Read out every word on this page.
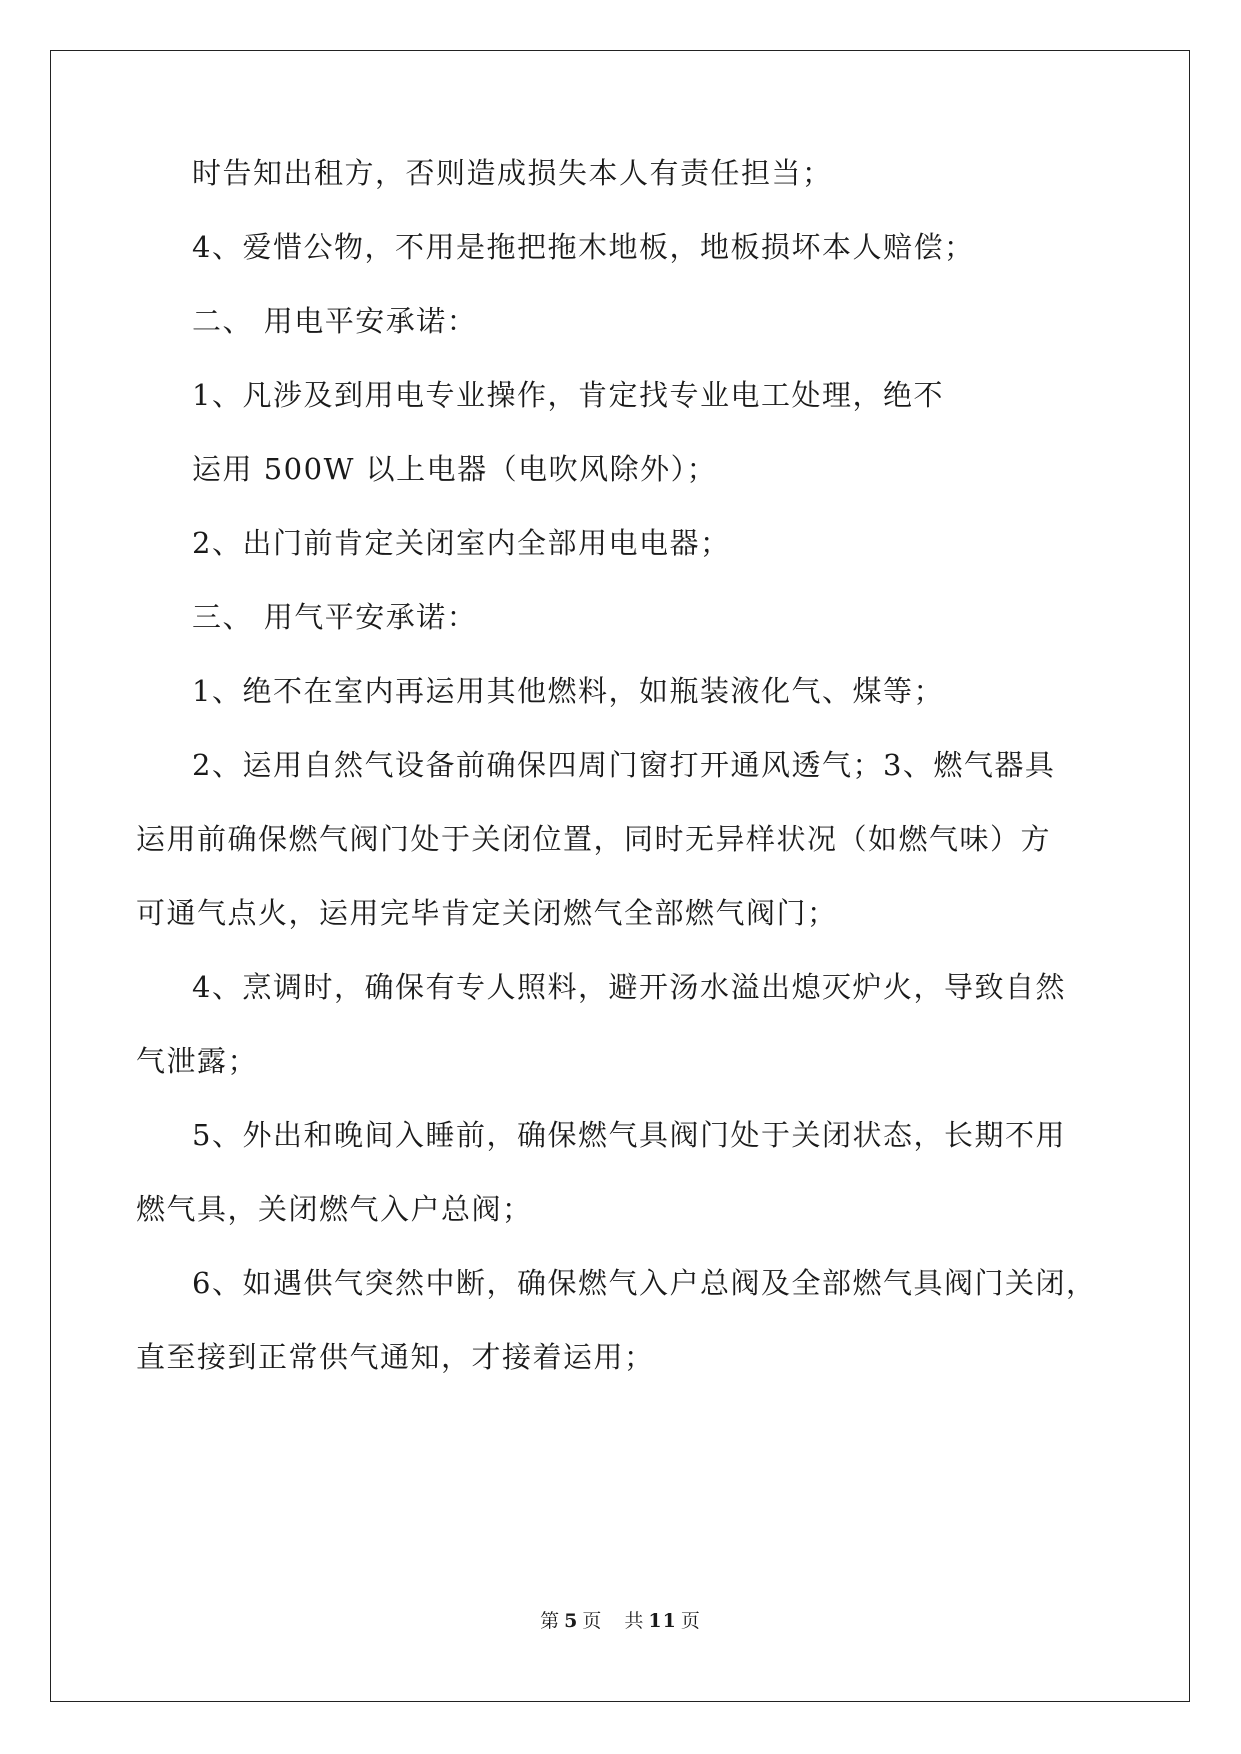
时告知出租方，否则造成损失本人有责任担当；
4、爱惜公物，不用是拖把拖木地板，地板损坏本人赔偿；
二、 用电平安承诺：
1、凡涉及到用电专业操作，肯定找专业电工处理，绝不
运用 500W 以上电器（电吹风除外）；
2、出门前肯定关闭室内全部用电电器；
三、 用气平安承诺：
1、绝不在室内再运用其他燃料，如瓶装液化气、煤等；
2、运用自然气设备前确保四周门窗打开通风透气；3、燃气器具
运用前确保燃气阀门处于关闭位置，同时无异样状况（如燃气味）方
可通气点火，运用完毕肯定关闭燃气全部燃气阀门；
4、烹调时，确保有专人照料，避开汤水溢出熄灭炉火，导致自然
气泄露；
5、外出和晚间入睡前，确保燃气具阀门处于关闭状态，长期不用
燃气具，关闭燃气入户总阀；
6、如遇供气突然中断，确保燃气入户总阀及全部燃气具阀门关闭，
直至接到正常供气通知，才接着运用；
第 5 页 共 11 页
